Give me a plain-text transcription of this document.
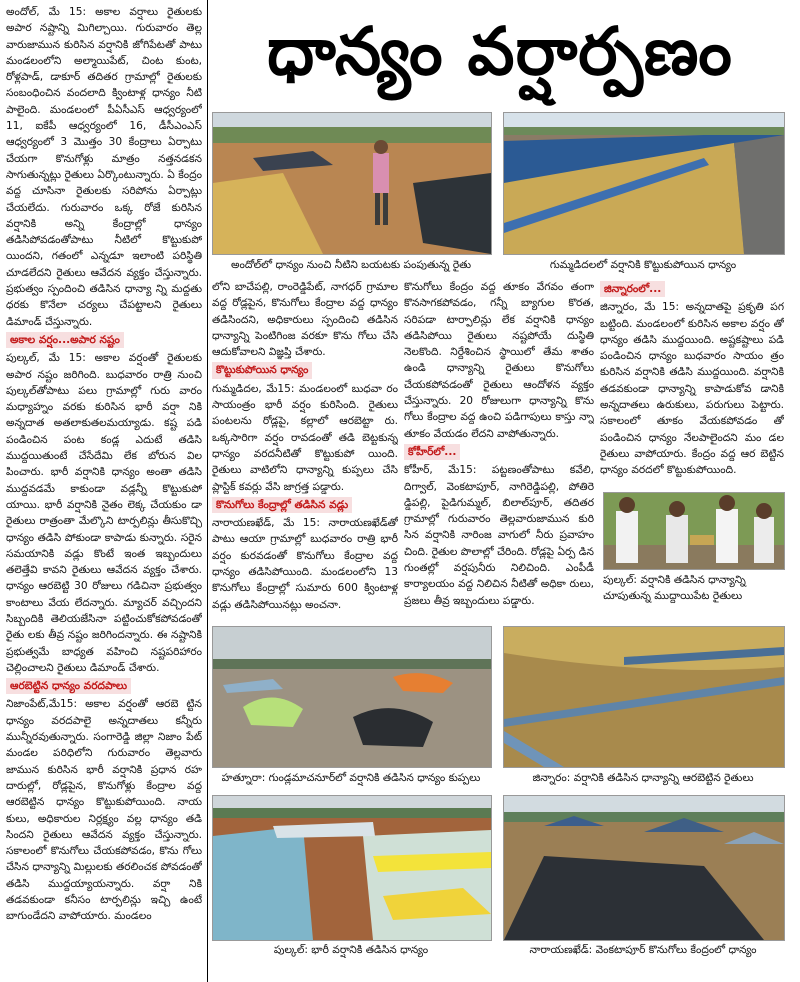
అందోల్, మే 15: అకాల వర్షాలు రైతులకు అపార నష్టాన్ని మిగిల్చాయి. గురువారం తెల్ల వారుజామున కురిసిన వర్షానికి జోగిపేటతో పాటు మండలంలోని అల్మాయిపేట్, చింట కుంట, రోళ్లపాడ్, డాకూర్ తదితర గ్రామాల్లో రైతులకు సంబంధించిన వందలాది క్వింటాళ్ల ధాన్యం నీటి పాలైంది. మండలంలో పీఏసీఎస్ ఆధ్వర్యంలో 11, ఐకేపీ ఆధ్వర్యంలో 16, డీసీఎంఎస్ ఆధ్వర్యంలో 3 మొత్తం 30 కేంద్రాలు ఏర్పాటు చేయగా కొనుగోళ్లు మాత్రం నత్తనడకన సాగుతున్నట్లు రైతులు ఏర్కొంటున్నారు. ఏ కేంద్రం వద్ద చూసినా రైతులకు సరిపోను ఏర్పాట్లు చేయలేదు. గురువారం ఒక్క రోజే కురిసిన వర్షానికి అన్ని కేంద్రాల్లో ధాన్యం తడిసిపోవడంతోపాటు నీటిలో కొట్టుకుపో యిందని, గతంలో ఎన్నడూ ఇలాంటి పరిస్థితి చూడలేదని రైతులు ఆవేదన వ్యక్తం చేస్తున్నారు. ప్రభుత్వం స్పందించి తడిసిన ధాన్యా న్ని మద్దతు ధరకు కొనేలా చర్యలు చేపట్టాలని రైతులు డిమాండ్ చేస్తున్నారు.

అకాల వర్షం...అపార నష్టం

పుల్కల్, మే 15: అకాల వర్షంతో రైతులకు అపార నష్టం జరిగింది. బుధవారం రాత్రి నుంచి పుల్కల్‌తోపాటు పలు గ్రామాల్లో గురు వారం మధ్యాహ్నం వరకు కురిసిన భారీ వర్షా నికి అన్నదాత అతలాకుతలమయ్యాడు. కష్ట పడి పండించిన పంట కండ్ల ఎదుటే తడిసి ముద్దయితుంటే చేసేదేమి లేక బోరున విల పించారు. భారీ వర్షానికి ధాన్యం అంతా తడిసి ముద్దవడమే కాకుండా వడ్లన్నీ కొట్టుకుపో యాయి. భారీ వర్షానికి నైతం లెక్క చేయకుం డా రైతులు రాత్రంతా మేల్కొని టార్పలిన్లు తీసుకొచ్చి ధాన్యం తడిసి పోకుండా కాపాడు కున్నారు. సరైన సమయానికి వడ్లు కొంటే ఇంత ఇబ్బందులు తలెత్తేవి కావని రైతులు ఆవేదన వ్యక్తం చేశారు. ధాన్యం ఆరబెట్టి 30 రోజులు గడిచినా ప్రభుత్వం కాంటాలు వేయ లేదన్నారు. మ్యాచర్ వచ్చిందని సిబ్బందికి తెలియజేసినా పట్టించుకోకపోవడంతో రైతు లకు తీవ్ర నష్టం జరిగిందన్నారు. ఈ నష్టానికి ప్రభుత్వమే బాధ్యత వహించి నష్టపరిహారం చెల్లించాలని రైతులు డిమాండ్ చేశారు.

ఆరబెట్టిన ధాన్యం వరదపాలు

నిజాంపేట్,మే15: అకాల వర్షంతో ఆరబె ట్టిన ధాన్యం వరదపాలై అన్నదాతలు కన్నీరు మున్నీరవుతున్నారు. సంగారెడ్డి జిల్లా నిజాం పేట్ మండల పరిధిలోని గురువారం తెల్లవారు జామున కురిసిన భారీ వర్షానికి ప్రధాన రహ దారుల్లో, రోడ్లపైన, కొనుగోళ్లు కేంద్రాల వద్ద ఆరబెట్టిన ధాన్యం కొట్టుకుపోయింది. నాయ కులు, అధికారుల నిర్లక్ష్యం వల్ల ధాన్యం తడి సిందని రైతులు ఆవేదన వ్యక్తం చేస్తున్నారు. సకాలంలో కొనుగోలు చేయకపోవడం, కొను గోలు చేసిన ధాన్యాన్ని మిల్లులకు తరలించక పోవడంతో తడిసి ముద్దయ్యాయన్నారు. వర్షా నికి తడవకుండా కనీసం టార్పలిన్లు ఇచ్చి ఉంటే బాగుండేదని వాపోయారు. మండలం

ధాన్యం వర్షార్పణం
అందోల్‌లో ధాన్యం నుంచి నీటిని బయటకు పంపుతున్న రైతు	గుమ్మడిదలలో వర్షానికి కొట్టుకుపోయిన ధాన్యం

లోని బాచేపల్లి, రాంరెడ్డిపేట్, నాగధర్ గ్రామాల వద్ద రోడ్లపైన, కొనుగోలు కేంద్రాల వద్ద ధాన్యం తడిసిందని, అధికారులు స్పందించి తడిసిన ధాన్యాన్ని పెంటిగింజ వరకూ కొను గోలు చేసి ఆదుకోవాలని విజ్ఞప్తి చేశారు.

కొట్టుకుపోయిన ధాన్యం

గుమ్మడిదల, మే15: మండలంలో బుధవా రం సాయంత్రం భారీ వర్షం కురిసింది. రైతులు పంటలను రోడ్లపై, కల్లాలో ఆరబెట్టా రు. ఒక్కసారిగా వర్షం రావడంతో తడి బెట్టకున్న ధాన్యం వరదనీటితో కొట్టుకుపో యింది. రైతులు వాటిలోని ధాన్యాన్ని కుప్పలు చేసి ప్లాస్టిక్ కవర్లు వేసి జాగ్రత్త పడ్డారు.

కొనుగోలు కేంద్రాల్లో తడిసిన వడ్లు

నారాయణఖేడ్, మే 15: నారాయణఖేడ్‌తో పాటు ఆయా గ్రామాల్లో బుధవారం రాత్రి భారీ వర్షం కురవడంతో కొనుగోలు కేంద్రాల వద్ద ధాన్యం తడిసిపోయింది. మండలంలోని 13 కొనుగోలు కేంద్రాల్లో సుమారు 600 క్వింటాళ్ల వడ్లు తడిసిపోయినట్లు అంచనా.

కొనుగోలు కేంద్రం వద్ద తూకం వేగవం తంగా కొనసాగకపోవడం, గన్నీ బ్యాగుల కొరత, సరిపడా టార్పాలిన్లు లేక వర్షానికి ధాన్యం తడిసిపోయి రైతులు నష్టపోయే దుస్థితి నెలకొంది. నిర్దేశించిన స్థాయిలో తేమ శాతం ఉండి ధాన్యాన్ని రైతులు కొనుగోలు చేయకపోవడంతో రైతులు ఆందోళన వ్యక్తం చేస్తున్నారు. 20 రోజులుగా ధాన్యాన్ని కొను గోలు కేంద్రాల వద్ద ఉంచి పడిగాపులు కాస్తు న్నా తూకం వేయడం లేదని వాపోతున్నారు.

కోహీర్‌లో...

కోహీర్, మే15: పట్టణంతోపాటు కవేలి, దిగ్వాల్, వెంకటాపూర్, నాగిరెడ్డిపల్లి, పోతిరె డ్డిపల్లి, పైడిగుమ్మల్, బిలాల్‌పూర్, తదితర గ్రామాల్లో గురువారం తెల్లవారుజామున కురి సిన వర్షానికి నారింజ వాగులో నీరు ప్రవాహం చింది. రైతుల పొలాల్లో చేరింది. రోడ్లపై ఏర్ప డిన గుంతల్లో వర్షపునీరు నిలిచింది. ఎంపీడీ కార్యాలయం వద్ద నిలిచిన నీటితో అధికా రులు, ప్రజలు తీవ్ర ఇబ్బందులు పడ్డారు.

జిన్నారంలో...

జిన్నారం, మే 15: అన్నదాతపై ప్రకృతి పగ బట్టింది. మండలంలో కురిసిన అకాల వర్షం తో ధాన్యం తడిసి ముద్దయింది. అష్టకష్టాలు పడి పండించిన ధాన్యం బుధవారం సాయం త్రం కురిసిన వర్షానికి తడిసి ముద్దయింది. వర్షానికి తడవకుండా ధాన్యాన్ని కాపాడుకోవ డానికి అన్నదాతలు ఉరుకులు, పరుగులు పెట్టారు. సకాలంలో తూకం వేయకపోవడం తో పండించిన ధాన్యం నేలపాలైందని మం డల రైతులు వాపోయారు. కేంద్రం వద్ద ఆర బెట్టిన ధాన్యం వరదలో కొట్టుకుపోయింది.

పుల్కల్: వర్షానికి తడిసిన ధాన్యాన్ని చూపుతున్న ముద్దాయిపేట రైతులు
హత్నూరా: గుండ్లమాచనూర్‌లో వర్షానికి తడిసిన ధాన్యం కుప్పలు	జిన్నారం: వర్షానికి తడిసిన ధాన్యాన్ని ఆరబెట్టిన రైతులు
పుల్కల్: భారీ వర్షానికి తడిసిన ధాన్యం	నారాయణఖేడ్: వెంకటాపూర్ కొనుగోలు కేంద్రంలో ధాన్యం
